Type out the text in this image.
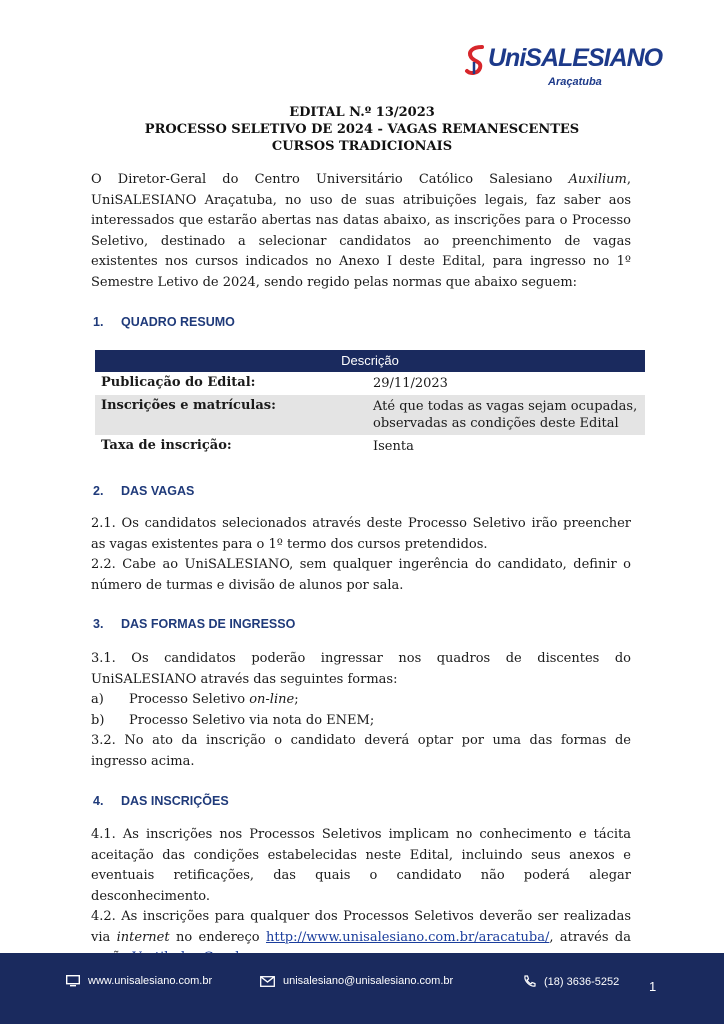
UniSALESIANO
Araçatuba
EDITAL N.º 13/2023
PROCESSO SELETIVO DE 2024 - VAGAS REMANESCENTES
CURSOS TRADICIONAIS
O Diretor-Geral do Centro Universitário Católico Salesiano Auxilium, UniSALESIANO Araçatuba, no uso de suas atribuições legais, faz saber aos interessados que estarão abertas nas datas abaixo, as inscrições para o Processo Seletivo, destinado a selecionar candidatos ao preenchimento de vagas existentes nos cursos indicados no Anexo I deste Edital, para ingresso no 1º Semestre Letivo de 2024, sendo regido pelas normas que abaixo seguem:
1. QUADRO RESUMO
Descrição
Publicação do Edital:	29/11/2023
Inscrições e matrículas:	Até que todas as vagas sejam ocupadas, observadas as condições deste Edital
Taxa de inscrição:	Isenta
2. DAS VAGAS
2.1. Os candidatos selecionados através deste Processo Seletivo irão preencher as vagas existentes para o 1º termo dos cursos pretendidos.
2.2. Cabe ao UniSALESIANO, sem qualquer ingerência do candidato, definir o número de turmas e divisão de alunos por sala.
3. DAS FORMAS DE INGRESSO
3.1. Os candidatos poderão ingressar nos quadros de discentes do UniSALESIANO através das seguintes formas:
a)	Processo Seletivo on-line;
b)	Processo Seletivo via nota do ENEM;
3.2. No ato da inscrição o candidato deverá optar por uma das formas de ingresso acima.
4. DAS INSCRIÇÕES
4.1. As inscrições nos Processos Seletivos implicam no conhecimento e tácita aceitação das condições estabelecidas neste Edital, incluindo seus anexos e eventuais retificações, das quais o candidato não poderá alegar desconhecimento.
4.2. As inscrições para qualquer dos Processos Seletivos deverão ser realizadas via internet no endereço http://www.unisalesiano.com.br/aracatuba/, através da
www.unisalesiano.com.br	unisalesiano@unisalesiano.com.br	(18) 3636-5252 1
